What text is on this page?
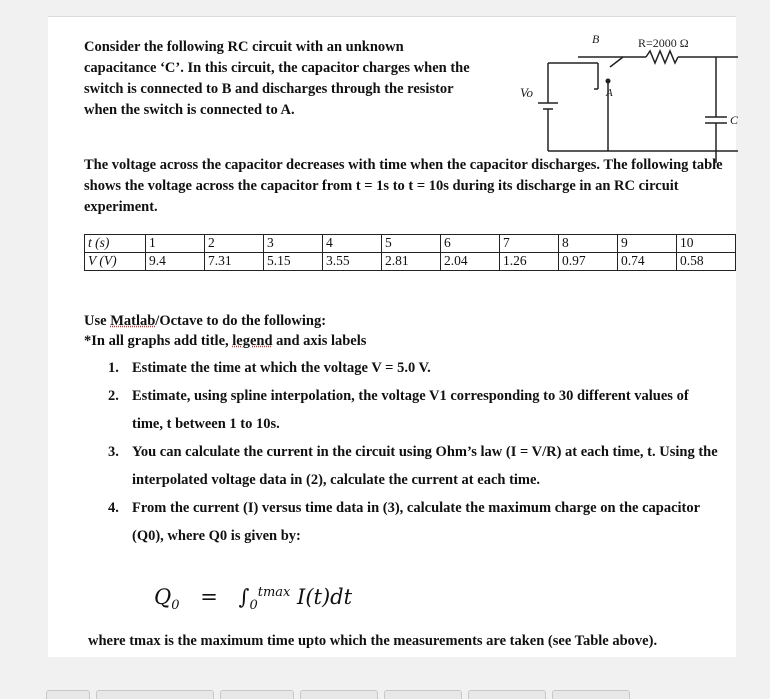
Consider the following RC circuit with an unknown capacitance ‘C’. In this circuit, the capacitor charges when the switch is connected to B and discharges through the resistor when the switch is connected to A.
B
A
R=2000 Ω
Vo
C
The voltage across the capacitor decreases with time when the capacitor discharges. The following table shows the voltage across the capacitor from t = 1s to t = 10s during its discharge in an RC circuit experiment.
t (s)	1	2	3	4	5	6	7	8	9	10
V (V)	9.4	7.31	5.15	3.55	2.81	2.04	1.26	0.97	0.74	0.58
Use Matlab/Octave to do the following:
*In all graphs add title, legend and axis labels
1. Estimate the time at which the voltage V = 5.0 V.
2. Estimate, using spline interpolation, the voltage V1 corresponding to 30 different values of time, t between 1 to 10s.
3. You can calculate the current in the circuit using Ohm’s law (I = V/R) at each time, t. Using the interpolated voltage data in (2), calculate the current at each time.
4. From the current (I) versus time data in (3), calculate the maximum charge on the capacitor (Q0), where Q0 is given by:
$Q_0 = \int_0^{tmax}$ I(t)dt
where tmax is the maximum time upto which the measurements are taken (see Table above).
